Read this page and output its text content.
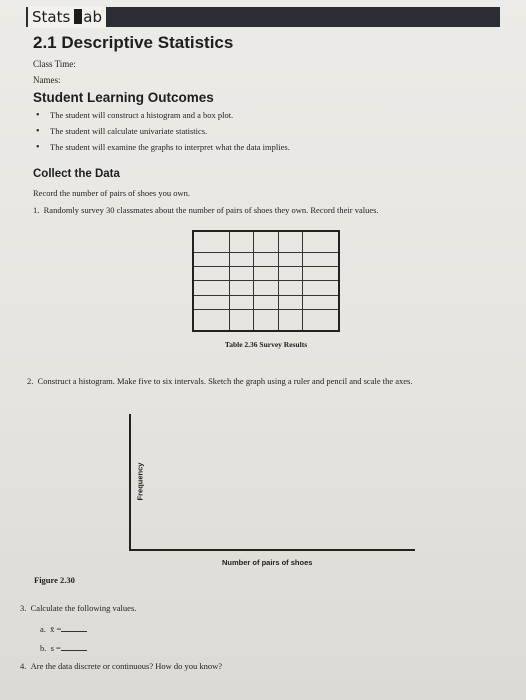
Stats ab
2.1 Descriptive Statistics
Class Time:
Names:
Student Learning Outcomes
• The student will construct a histogram and a box plot.
• The student will calculate univariate statistics.
• The student will examine the graphs to interpret what the data implies.
Collect the Data
Record the number of pairs of shoes you own.
1. Randomly survey 30 classmates about the number of pairs of shoes they own. Record their values.

Table 2.36 Survey Results
2. Construct a histogram. Make five to six intervals. Sketch the graph using a ruler and pencil and scale the axes.
Frequency
Number of pairs of shoes
Figure 2.30
3. Calculate the following values.
a. x̄ =
b. s =
4. Are the data discrete or continuous? How do you know?
